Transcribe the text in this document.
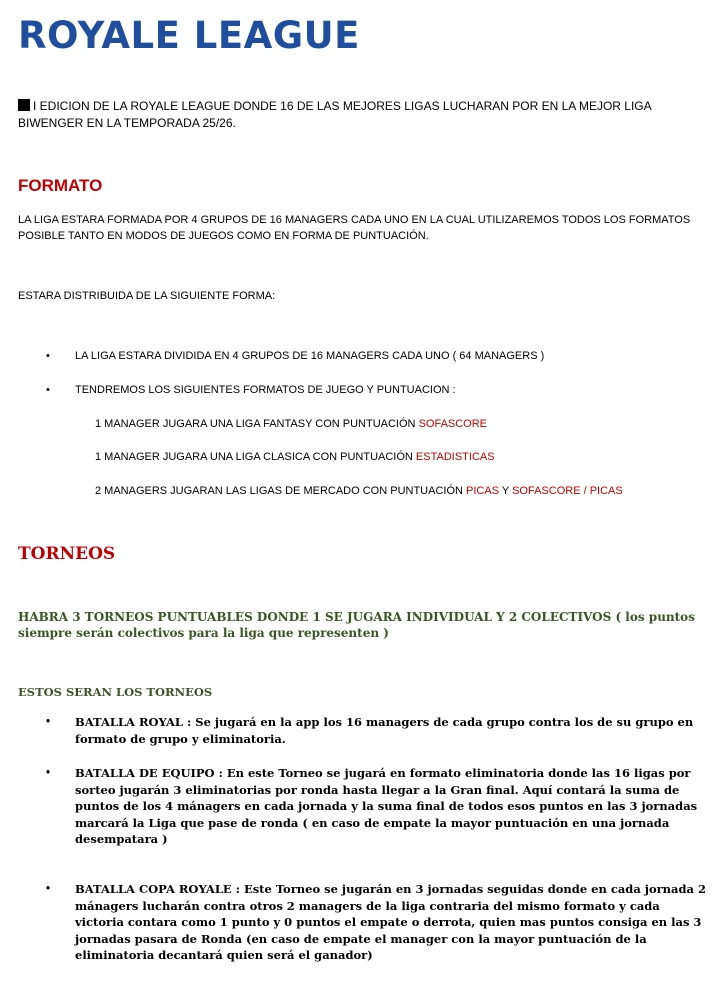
ROYALE LEAGUE
I EDICION DE LA ROYALE LEAGUE DONDE 16 DE LAS MEJORES LIGAS LUCHARAN POR EN LA MEJOR LIGA BIWENGER EN LA TEMPORADA 25/26.
FORMATO

LA LIGA ESTARA FORMADA POR 4 GRUPOS DE 16 MANAGERS CADA UNO EN LA CUAL UTILIZAREMOS TODOS LOS FORMATOS POSIBLE TANTO EN MODOS DE JUEGOS COMO EN FORMA DE PUNTUACIÓN.

ESTARA DISTRIBUIDA DE LA SIGUIENTE FORMA:

• LA LIGA ESTARA DIVIDIDA EN 4 GRUPOS DE 16 MANAGERS CADA UNO ( 64 MANAGERS )
• TENDREMOS LOS SIGUIENTES FORMATOS DE JUEGO Y PUNTUACION :

1 MANAGER JUGARA UNA LIGA FANTASY CON PUNTUACIÓN SOFASCORE

1 MANAGER JUGARA UNA LIGA CLASICA CON PUNTUACIÓN ESTADISTICAS

2 MANAGERS JUGARAN LAS LIGAS DE MERCADO CON PUNTUACIÓN PICAS Y SOFASCORE / PICAS

TORNEOS

HABRA 3 TORNEOS PUNTUABLES DONDE 1 SE JUGARA INDIVIDUAL Y 2 COLECTIVOS ( los puntos siempre serán colectivos para la liga que representen )

ESTOS SERAN LOS TORNEOS

• BATALLA ROYAL : Se jugará en la app los 16 managers de cada grupo contra los de su grupo en formato de grupo y eliminatoria.
• BATALLA DE EQUIPO : En este Torneo se jugará en formato eliminatoria donde las 16 ligas por sorteo jugarán 3 eliminatorias por ronda hasta llegar a la Gran final. Aquí contará la suma de puntos de los 4 mánagers en cada jornada y la suma final de todos esos puntos en las 3 jornadas marcará la Liga que pase de ronda ( en caso de empate la mayor puntuación en una jornada desempatara )
• BATALLA COPA ROYALE : Este Torneo se jugarán en 3 jornadas seguidas donde en cada jornada 2 mánagers lucharán contra otros 2 managers de la liga contraria del mismo formato y cada victoria contara como 1 punto y 0 puntos el empate o derrota, quien mas puntos consiga en las 3 jornadas pasara de Ronda (en caso de empate el manager con la mayor puntuación de la eliminatoria decantará quien será el ganador)
